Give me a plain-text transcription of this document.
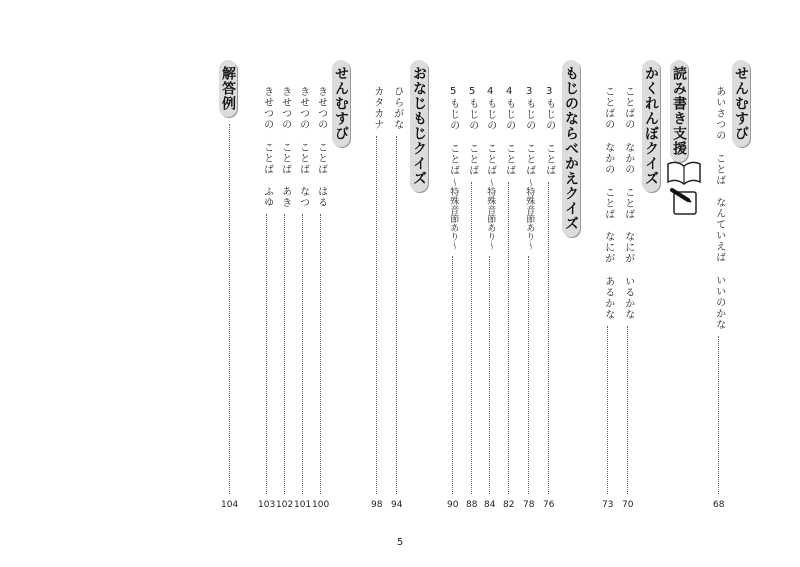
せんむすび
あいさつの ことば　なんていえば いいのかな
68
読み書き支援
かくれんぼクイズ
ことばの なかの ことば　なにが いるかな
70
ことばの なかの ことば　なにが あるかな
73
もじのならべかえクイズ
3もじの ことば
76
3もじの ことば
〜特殊音節あり〜
78
4もじの ことば
82
4もじの ことば
〜特殊音節あり〜
84
5もじの ことば
88
5もじの ことば
〜特殊音節あり〜
90
おなじもじクイズ
ひらがな
94
カタカナ
98
せんむすび
きせつの ことば　はる
100
きせつの ことば　なつ
101
きせつの ことば　あき
102
きせつの ことば　ふゆ
103
解答例
104
5
